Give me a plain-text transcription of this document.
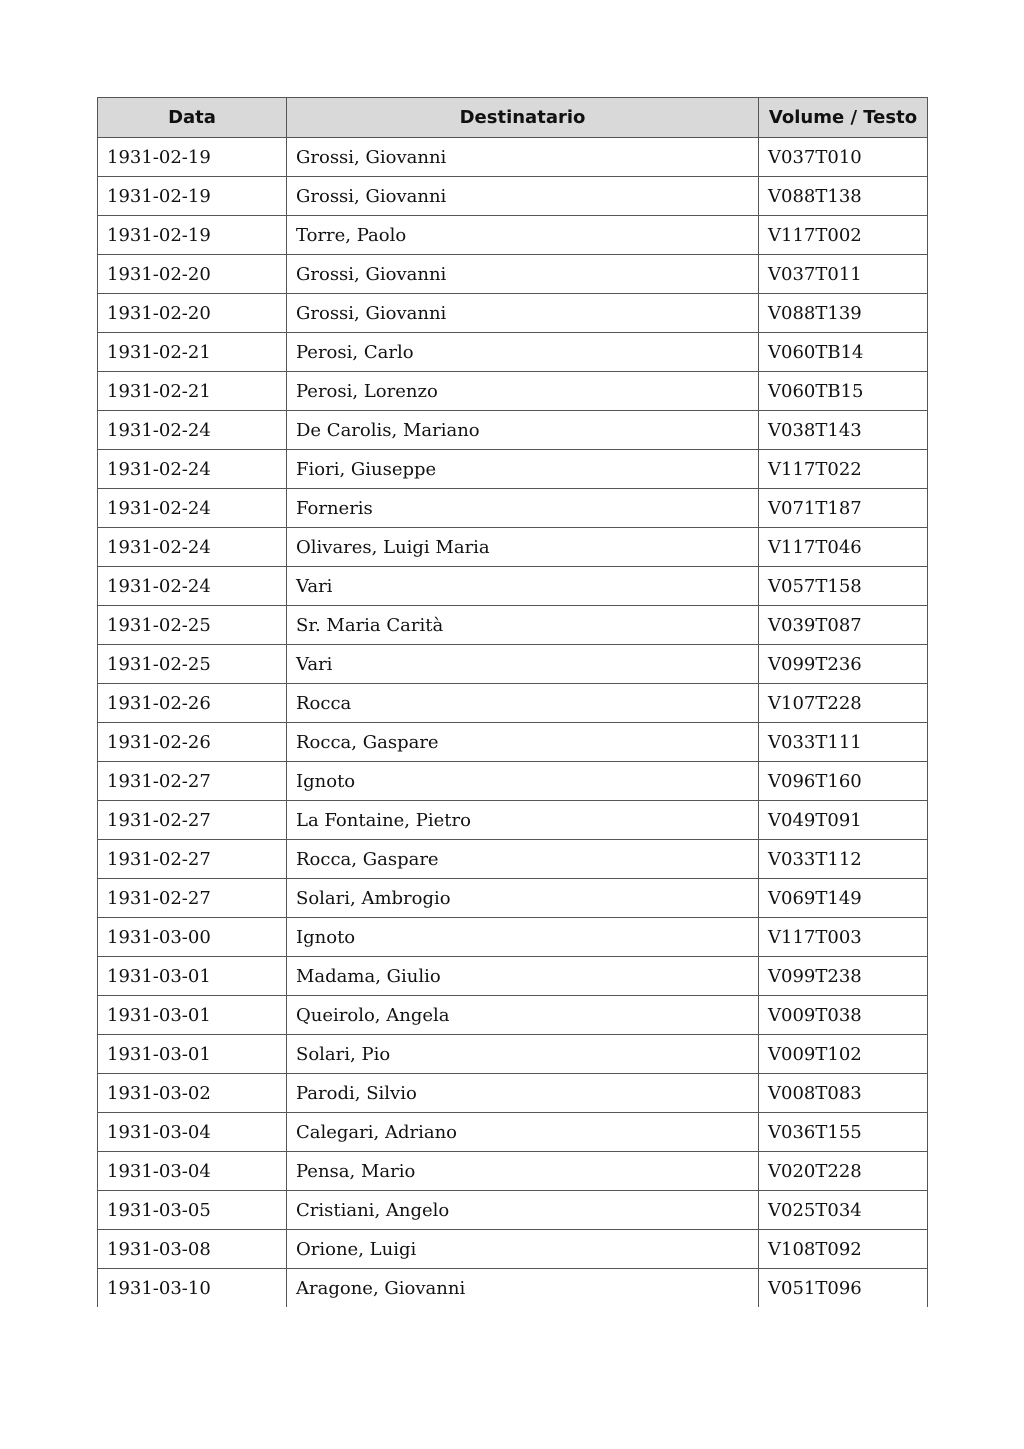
Data	Destinatario	Volume / Testo
1931-02-19	Grossi, Giovanni	V037T010
1931-02-19	Grossi, Giovanni	V088T138
1931-02-19	Torre, Paolo	V117T002
1931-02-20	Grossi, Giovanni	V037T011
1931-02-20	Grossi, Giovanni	V088T139
1931-02-21	Perosi, Carlo	V060TB14
1931-02-21	Perosi, Lorenzo	V060TB15
1931-02-24	De Carolis, Mariano	V038T143
1931-02-24	Fiori, Giuseppe	V117T022
1931-02-24	Forneris	V071T187
1931-02-24	Olivares, Luigi Maria	V117T046
1931-02-24	Vari	V057T158
1931-02-25	Sr. Maria Carità	V039T087
1931-02-25	Vari	V099T236
1931-02-26	Rocca	V107T228
1931-02-26	Rocca, Gaspare	V033T111
1931-02-27	Ignoto	V096T160
1931-02-27	La Fontaine, Pietro	V049T091
1931-02-27	Rocca, Gaspare	V033T112
1931-02-27	Solari, Ambrogio	V069T149
1931-03-00	Ignoto	V117T003
1931-03-01	Madama, Giulio	V099T238
1931-03-01	Queirolo, Angela	V009T038
1931-03-01	Solari, Pio	V009T102
1931-03-02	Parodi, Silvio	V008T083
1931-03-04	Calegari, Adriano	V036T155
1931-03-04	Pensa, Mario	V020T228
1931-03-05	Cristiani, Angelo	V025T034
1931-03-08	Orione, Luigi	V108T092
1931-03-10	Aragone, Giovanni	V051T096
